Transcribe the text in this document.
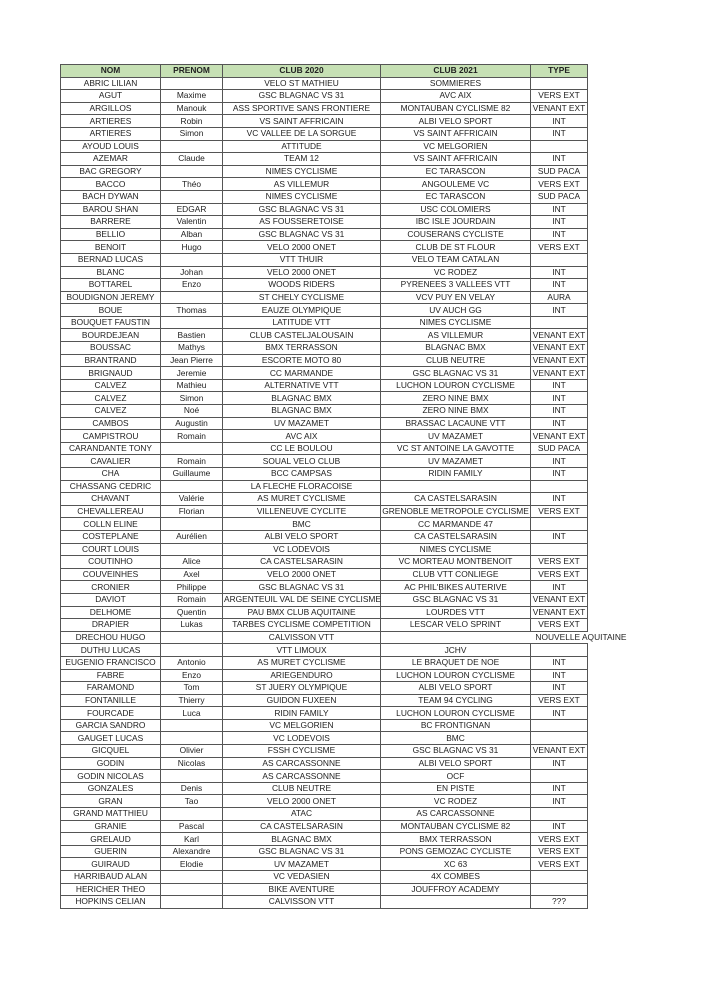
NOM	PRENOM	CLUB 2020	CLUB 2021	TYPE
ABRIC LILIAN		VELO ST MATHIEU	SOMMIERES	
AGUT	Maxime	GSC BLAGNAC VS 31	AVC AIX	VERS EXT
ARGILLOS	Manouk	ASS SPORTIVE SANS FRONTIERE	MONTAUBAN CYCLISME 82	VENANT EXT
ARTIERES	Robin	VS SAINT AFFRICAIN	ALBI VELO SPORT	INT
ARTIERES	Simon	VC VALLEE DE LA SORGUE	VS SAINT AFFRICAIN	INT
AYOUD LOUIS		ATTITUDE	VC MELGORIEN	
AZEMAR	Claude	TEAM 12	VS SAINT AFFRICAIN	INT
BAC GREGORY		NIMES CYCLISME	EC TARASCON	SUD PACA
BACCO	Théo	AS VILLEMUR	ANGOULEME VC	VERS EXT
BACH DYWAN		NIMES CYCLISME	EC TARASCON	SUD PACA
BAROU SHAN	EDGAR	GSC BLAGNAC VS 31	USC COLOMIERS	INT
BARRERE	Valentin	AS FOUSSERETOISE	IBC ISLE JOURDAIN	INT
BELLIO	Alban	GSC BLAGNAC VS 31	COUSERANS CYCLISTE	INT
BENOIT	Hugo	VELO 2000 ONET	CLUB DE ST FLOUR	VERS EXT
BERNAD LUCAS		VTT THUIR	VELO TEAM CATALAN	
BLANC	Johan	VELO 2000 ONET	VC RODEZ	INT
BOTTAREL	Enzo	WOODS RIDERS	PYRENEES 3 VALLEES VTT	INT
BOUDIGNON JEREMY		ST CHELY CYCLISME	VCV PUY EN VELAY	AURA
BOUE	Thomas	EAUZE OLYMPIQUE	UV AUCH GG	INT
BOUQUET FAUSTIN		LATITUDE VTT	NIMES CYCLISME	
BOURDEJEAN	Bastien	CLUB CASTELJALOUSAIN	AS VILLEMUR	VENANT EXT
BOUSSAC	Mathys	BMX TERRASSON	BLAGNAC BMX	VENANT EXT
BRANTRAND	Jean Pierre	ESCORTE MOTO 80	CLUB NEUTRE	VENANT EXT
BRIGNAUD	Jeremie	CC MARMANDE	GSC BLAGNAC VS 31	VENANT EXT
CALVEZ	Mathieu	ALTERNATIVE VTT	LUCHON LOURON CYCLISME	INT
CALVEZ	Simon	BLAGNAC BMX	ZERO NINE BMX	INT
CALVEZ	Noé	BLAGNAC BMX	ZERO NINE BMX	INT
CAMBOS	Augustin	UV MAZAMET	BRASSAC LACAUNE VTT	INT
CAMPISTROU	Romain	AVC AIX	UV MAZAMET	VENANT EXT
CARANDANTE TONY		CC LE BOULOU	VC ST ANTOINE LA GAVOTTE	SUD PACA
CAVALIER	Romain	SOUAL VELO CLUB	UV MAZAMET	INT
CHA	Guillaume	BCC CAMPSAS	RIDIN FAMILY	INT
CHASSANG CEDRIC		LA FLECHE FLORACOISE		
CHAVANT	Valérie	AS MURET CYCLISME	CA CASTELSARASIN	INT
CHEVALLEREAU	Florian	VILLENEUVE CYCLITE	GRENOBLE METROPOLE CYCLISME	VERS EXT
COLLN ELINE		BMC	CC MARMANDE 47	
COSTEPLANE	Aurélien	ALBI VELO SPORT	CA CASTELSARASIN	INT
COURT LOUIS		VC LODEVOIS	NIMES CYCLISME	
COUTINHO	Alice	CA CASTELSARASIN	VC MORTEAU MONTBENOIT	VERS EXT
COUVEINHES	Axel	VELO 2000 ONET	CLUB VTT CONLIEGE	VERS EXT
CRONIER	Philippe	GSC BLAGNAC VS 31	AC PHIL'BIKES AUTERIVE	INT
DAVIOT	Romain	ARGENTEUIL VAL DE SEINE CYCLISME	GSC BLAGNAC VS 31	VENANT EXT
DELHOME	Quentin	PAU BMX CLUB AQUITAINE	LOURDES VTT	VENANT EXT
DRAPIER	Lukas	TARBES CYCLISME COMPETITION	LESCAR VELO SPRINT	VERS EXT
DRECHOU HUGO		CALVISSON VTT	NOUVELLE AQUITAINE	
DUTHU LUCAS		VTT LIMOUX	JCHV	
EUGENIO FRANCISCO	Antonio	AS MURET CYCLISME	LE BRAQUET DE NOE	INT
FABRE	Enzo	ARIEGENDURO	LUCHON LOURON CYCLISME	INT
FARAMOND	Tom	ST JUERY OLYMPIQUE	ALBI VELO SPORT	INT
FONTANILLE	Thierry	GUIDON FUXEEN	TEAM 94 CYCLING	VERS EXT
FOURCADE	Luca	RIDIN FAMILY	LUCHON LOURON CYCLISME	INT
GARCIA SANDRO		VC MELGORIEN	BC FRONTIGNAN	
GAUGET LUCAS		VC LODEVOIS	BMC	
GICQUEL	Olivier	FSSH CYCLISME	GSC BLAGNAC VS 31	VENANT EXT
GODIN	Nicolas	AS CARCASSONNE	ALBI VELO SPORT	INT
GODIN NICOLAS		AS CARCASSONNE	OCF	
GONZALES	Denis	CLUB NEUTRE	EN PISTE	INT
GRAN	Tao	VELO 2000 ONET	VC RODEZ	INT
GRAND MATTHIEU		ATAC	AS CARCASSONNE	
GRANIE	Pascal	CA CASTELSARASIN	MONTAUBAN CYCLISME 82	INT
GRELAUD	Karl	BLAGNAC BMX	BMX TERRASSON	VERS EXT
GUERIN	Alexandre	GSC BLAGNAC VS 31	PONS GEMOZAC CYCLISTE	VERS EXT
GUIRAUD	Elodie	UV MAZAMET	XC 63	VERS EXT
HARRIBAUD ALAN		VC VEDASIEN	4X COMBES	
HERICHER THEO		BIKE AVENTURE	JOUFFROY ACADEMY	
HOPKINS CELIAN		CALVISSON VTT		???
